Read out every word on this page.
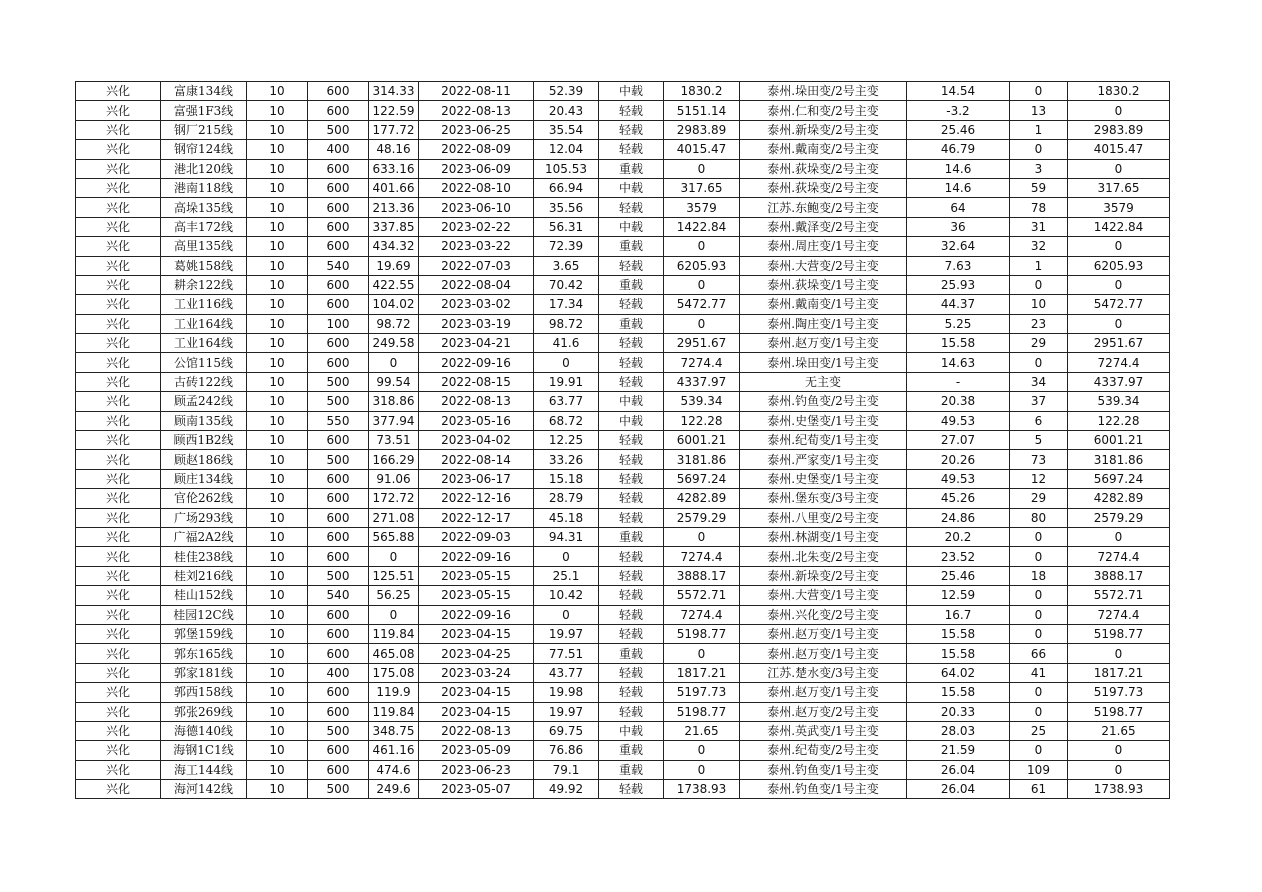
兴化	富康134线	10	600	314.33	2022-08-11	52.39	中载	1830.2	泰州.垛田变/2号主变	14.54	0	1830.2
兴化	富强1F3线	10	600	122.59	2022-08-13	20.43	轻载	5151.14	泰州.仁和变/2号主变	-3.2	13	0
兴化	钢厂215线	10	500	177.72	2023-06-25	35.54	轻载	2983.89	泰州.新垛变/2号主变	25.46	1	2983.89
兴化	钢帘124线	10	400	48.16	2022-08-09	12.04	轻载	4015.47	泰州.戴南变/2号主变	46.79	0	4015.47
兴化	港北120线	10	600	633.16	2023-06-09	105.53	重载	0	泰州.荻垛变/2号主变	14.6	3	0
兴化	港南118线	10	600	401.66	2022-08-10	66.94	中载	317.65	泰州.荻垛变/2号主变	14.6	59	317.65
兴化	高垛135线	10	600	213.36	2023-06-10	35.56	轻载	3579	江苏.东鲍变/2号主变	64	78	3579
兴化	高丰172线	10	600	337.85	2023-02-22	56.31	中载	1422.84	泰州.戴泽变/2号主变	36	31	1422.84
兴化	高里135线	10	600	434.32	2023-03-22	72.39	重载	0	泰州.周庄变/1号主变	32.64	32	0
兴化	葛姚158线	10	540	19.69	2022-07-03	3.65	轻载	6205.93	泰州.大营变/2号主变	7.63	1	6205.93
兴化	耕余122线	10	600	422.55	2022-08-04	70.42	重载	0	泰州.荻垛变/1号主变	25.93	0	0
兴化	工业116线	10	600	104.02	2023-03-02	17.34	轻载	5472.77	泰州.戴南变/1号主变	44.37	10	5472.77
兴化	工业164线	10	100	98.72	2023-03-19	98.72	重载	0	泰州.陶庄变/1号主变	5.25	23	0
兴化	工业164线	10	600	249.58	2023-04-21	41.6	轻载	2951.67	泰州.赵万变/1号主变	15.58	29	2951.67
兴化	公馆115线	10	600	0	2022-09-16	0	轻载	7274.4	泰州.垛田变/1号主变	14.63	0	7274.4
兴化	古砖122线	10	500	99.54	2022-08-15	19.91	轻载	4337.97	无主变	-	34	4337.97
兴化	顾孟242线	10	500	318.86	2022-08-13	63.77	中载	539.34	泰州.钓鱼变/2号主变	20.38	37	539.34
兴化	顾南135线	10	550	377.94	2023-05-16	68.72	中载	122.28	泰州.史堡变/1号主变	49.53	6	122.28
兴化	顾西1B2线	10	600	73.51	2023-04-02	12.25	轻载	6001.21	泰州.纪荀变/1号主变	27.07	5	6001.21
兴化	顾赵186线	10	500	166.29	2022-08-14	33.26	轻载	3181.86	泰州.严家变/1号主变	20.26	73	3181.86
兴化	顾庄134线	10	600	91.06	2023-06-17	15.18	轻载	5697.24	泰州.史堡变/1号主变	49.53	12	5697.24
兴化	官伦262线	10	600	172.72	2022-12-16	28.79	轻载	4282.89	泰州.堡东变/3号主变	45.26	29	4282.89
兴化	广场293线	10	600	271.08	2022-12-17	45.18	轻载	2579.29	泰州.八里变/2号主变	24.86	80	2579.29
兴化	广福2A2线	10	600	565.88	2022-09-03	94.31	重载	0	泰州.林湖变/1号主变	20.2	0	0
兴化	桂佳238线	10	600	0	2022-09-16	0	轻载	7274.4	泰州.北朱变/2号主变	23.52	0	7274.4
兴化	桂刘216线	10	500	125.51	2023-05-15	25.1	轻载	3888.17	泰州.新垛变/2号主变	25.46	18	3888.17
兴化	桂山152线	10	540	56.25	2023-05-15	10.42	轻载	5572.71	泰州.大营变/1号主变	12.59	0	5572.71
兴化	桂园12C线	10	600	0	2022-09-16	0	轻载	7274.4	泰州.兴化变/2号主变	16.7	0	7274.4
兴化	郭堡159线	10	600	119.84	2023-04-15	19.97	轻载	5198.77	泰州.赵万变/1号主变	15.58	0	5198.77
兴化	郭东165线	10	600	465.08	2023-04-25	77.51	重载	0	泰州.赵万变/1号主变	15.58	66	0
兴化	郭家181线	10	400	175.08	2023-03-24	43.77	轻载	1817.21	江苏.楚水变/3号主变	64.02	41	1817.21
兴化	郭西158线	10	600	119.9	2023-04-15	19.98	轻载	5197.73	泰州.赵万变/1号主变	15.58	0	5197.73
兴化	郭张269线	10	600	119.84	2023-04-15	19.97	轻载	5198.77	泰州.赵万变/2号主变	20.33	0	5198.77
兴化	海德140线	10	500	348.75	2022-08-13	69.75	中载	21.65	泰州.英武变/1号主变	28.03	25	21.65
兴化	海钢1C1线	10	600	461.16	2023-05-09	76.86	重载	0	泰州.纪荀变/2号主变	21.59	0	0
兴化	海工144线	10	600	474.6	2023-06-23	79.1	重载	0	泰州.钓鱼变/1号主变	26.04	109	0
兴化	海河142线	10	500	249.6	2023-05-07	49.92	轻载	1738.93	泰州.钓鱼变/1号主变	26.04	61	1738.93
